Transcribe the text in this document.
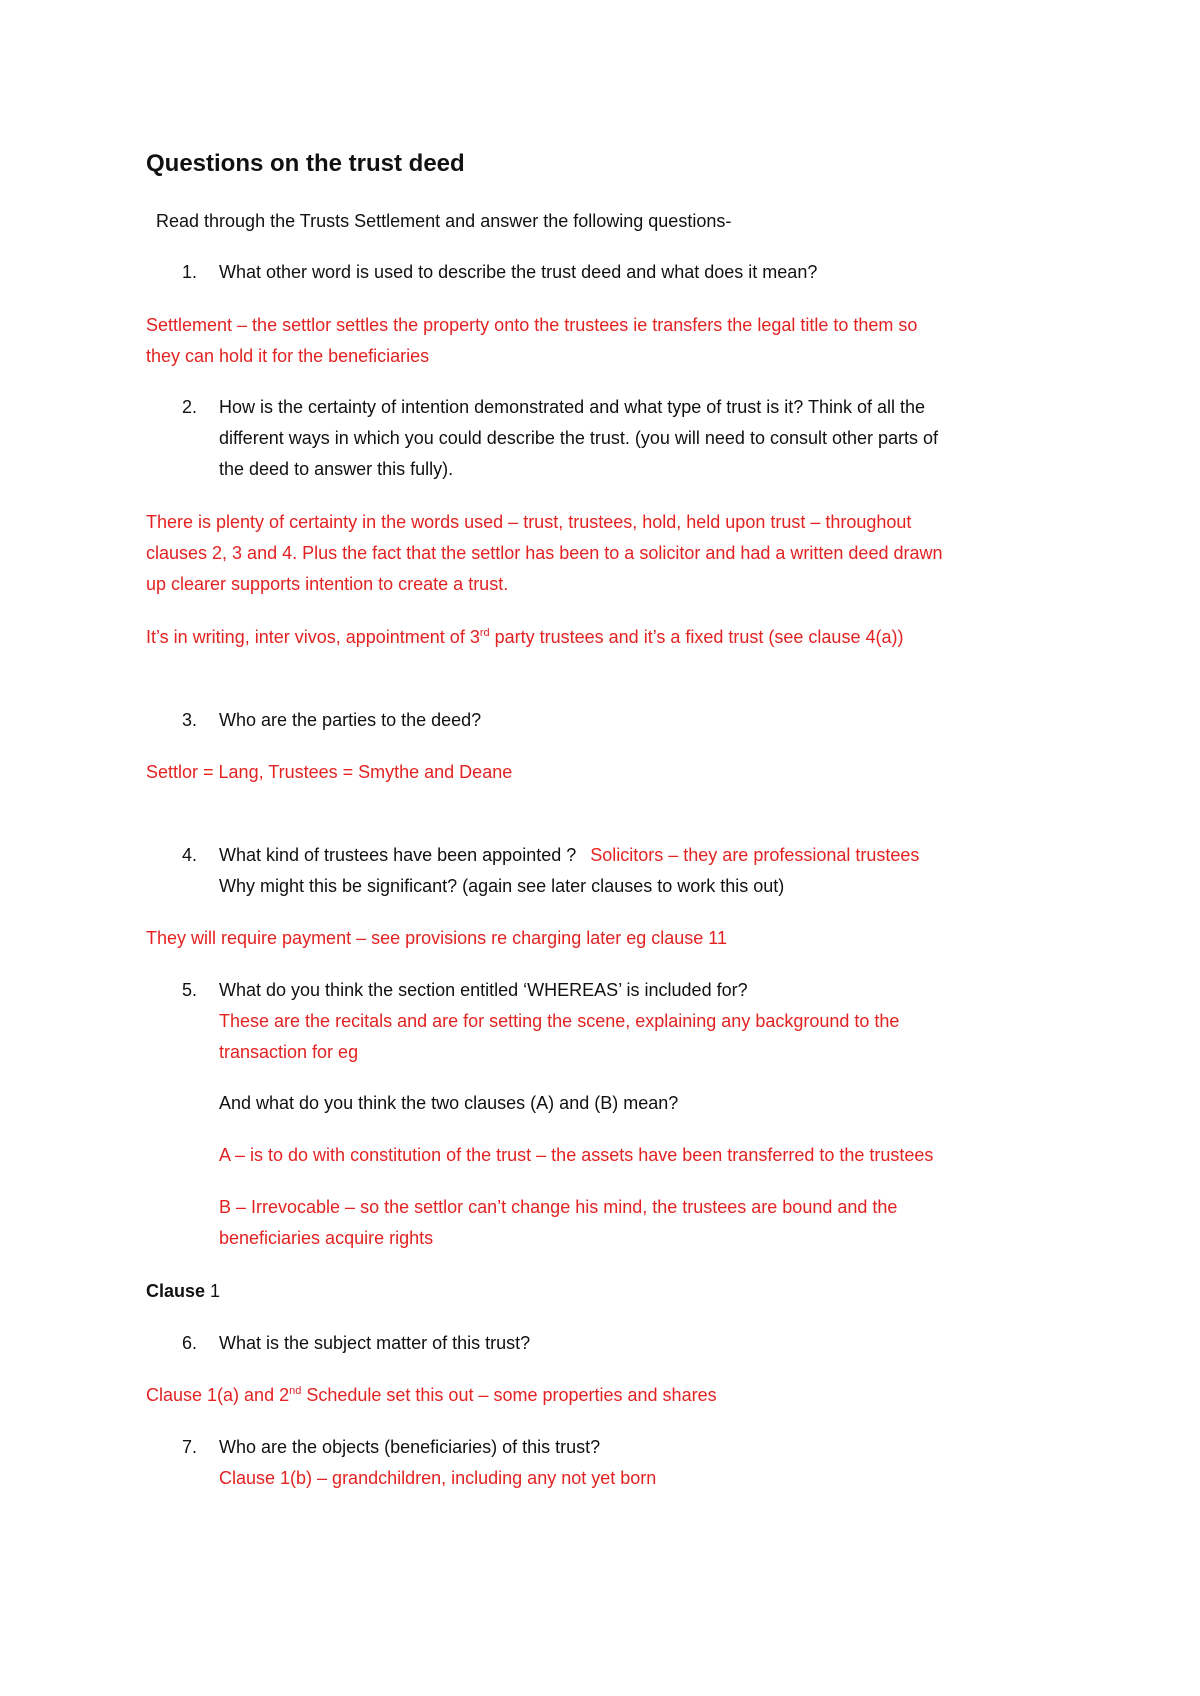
Questions on the trust deed
Read through the Trusts Settlement and answer the following questions-
1. What other word is used to describe the trust deed and what does it mean?
Settlement – the settlor settles the property onto the trustees ie transfers the legal title to them so
they can hold it for the beneficiaries
2. How is the certainty of intention demonstrated and what type of trust is it? Think of all the
different ways in which you could describe the trust. (you will need to consult other parts of
the deed to answer this fully).
There is plenty of certainty in the words used – trust, trustees, hold, held upon trust – throughout
clauses 2, 3 and 4. Plus the fact that the settlor has been to a solicitor and had a written deed drawn
up clearer supports intention to create a trust.
It’s in writing, inter vivos, appointment of 3rd party trustees and it’s a fixed trust (see clause 4(a))
3. Who are the parties to the deed?
Settlor = Lang, Trustees = Smythe and Deane
4. What kind of trustees have been appointed ? Solicitors – they are professional trustees
Why might this be significant? (again see later clauses to work this out)
They will require payment – see provisions re charging later eg clause 11
5. What do you think the section entitled ‘WHEREAS’ is included for?
These are the recitals and are for setting the scene, explaining any background to the
transaction for eg
And what do you think the two clauses (A) and (B) mean?
A – is to do with constitution of the trust – the assets have been transferred to the trustees
B – Irrevocable – so the settlor can’t change his mind, the trustees are bound and the
beneficiaries acquire rights
Clause 1
6. What is the subject matter of this trust?
Clause 1(a) and 2nd Schedule set this out – some properties and shares
7. Who are the objects (beneficiaries) of this trust?
Clause 1(b) – grandchildren, including any not yet born
